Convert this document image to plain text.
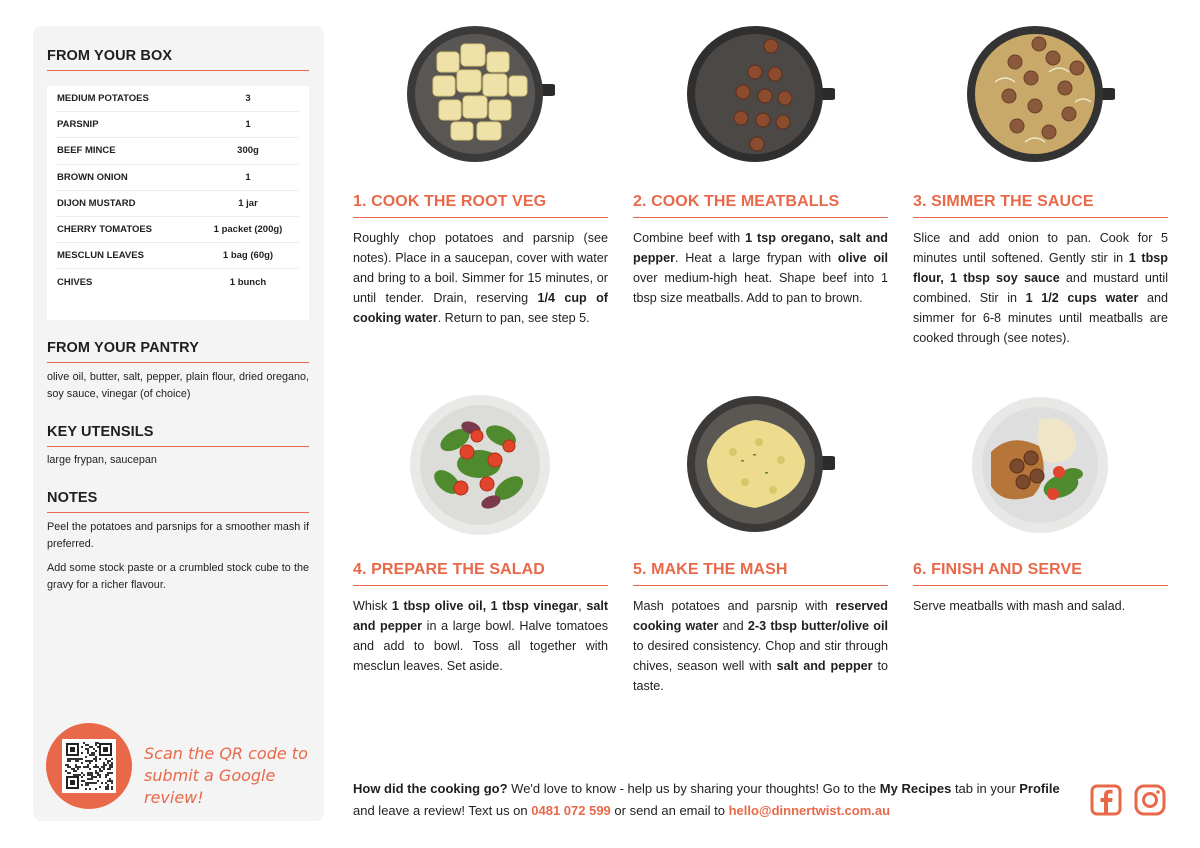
FROM YOUR BOX
MEDIUM POTATOES	3
PARSNIP	1
BEEF MINCE	300g
BROWN ONION	1
DIJON MUSTARD	1 jar
CHERRY TOMATOES	1 packet (200g)
MESCLUN LEAVES	1 bag (60g)
CHIVES	1 bunch
FROM YOUR PANTRY
olive oil, butter, salt, pepper, plain flour, dried oregano, soy sauce, vinegar (of choice)
KEY UTENSILS
large frypan, saucepan
NOTES
Peel the potatoes and parsnips for a smoother mash if preferred.
Add some stock paste or a crumbled stock cube to the gravy for a richer flavour.
Scan the QR code to
submit a Google review!
1. COOK THE ROOT VEG
Roughly chop potatoes and parsnip (see notes). Place in a saucepan, cover with water and bring to a boil. Simmer for 15 minutes, or until tender. Drain, reserving 1/4 cup of cooking water. Return to pan, see step 5.
2. COOK THE MEATBALLS
Combine beef with 1 tsp oregano, salt and pepper. Heat a large frypan with olive oil over medium-high heat. Shape beef into 1 tbsp size meatballs. Add to pan to brown.
3. SIMMER THE SAUCE
Slice and add onion to pan. Cook for 5 minutes until softened. Gently stir in 1 tbsp flour, 1 tbsp soy sauce and mustard until combined. Stir in 1 1/2 cups water and simmer for 6-8 minutes until meatballs are cooked through (see notes).
4. PREPARE THE SALAD
Whisk 1 tbsp olive oil, 1 tbsp vinegar, salt and pepper in a large bowl. Halve tomatoes and add to bowl. Toss all together with mesclun leaves. Set aside.
5. MAKE THE MASH
Mash potatoes and parsnip with reserved cooking water and 2-3 tbsp butter/olive oil to desired consistency. Chop and stir through chives, season well with salt and pepper to taste.
6. FINISH AND SERVE
Serve meatballs with mash and salad.
How did the cooking go? We'd love to know - help us by sharing your thoughts! Go to the My Recipes tab in your Profile and leave a review! Text us on 0481 072 599 or send an email to hello@dinnertwist.com.au
